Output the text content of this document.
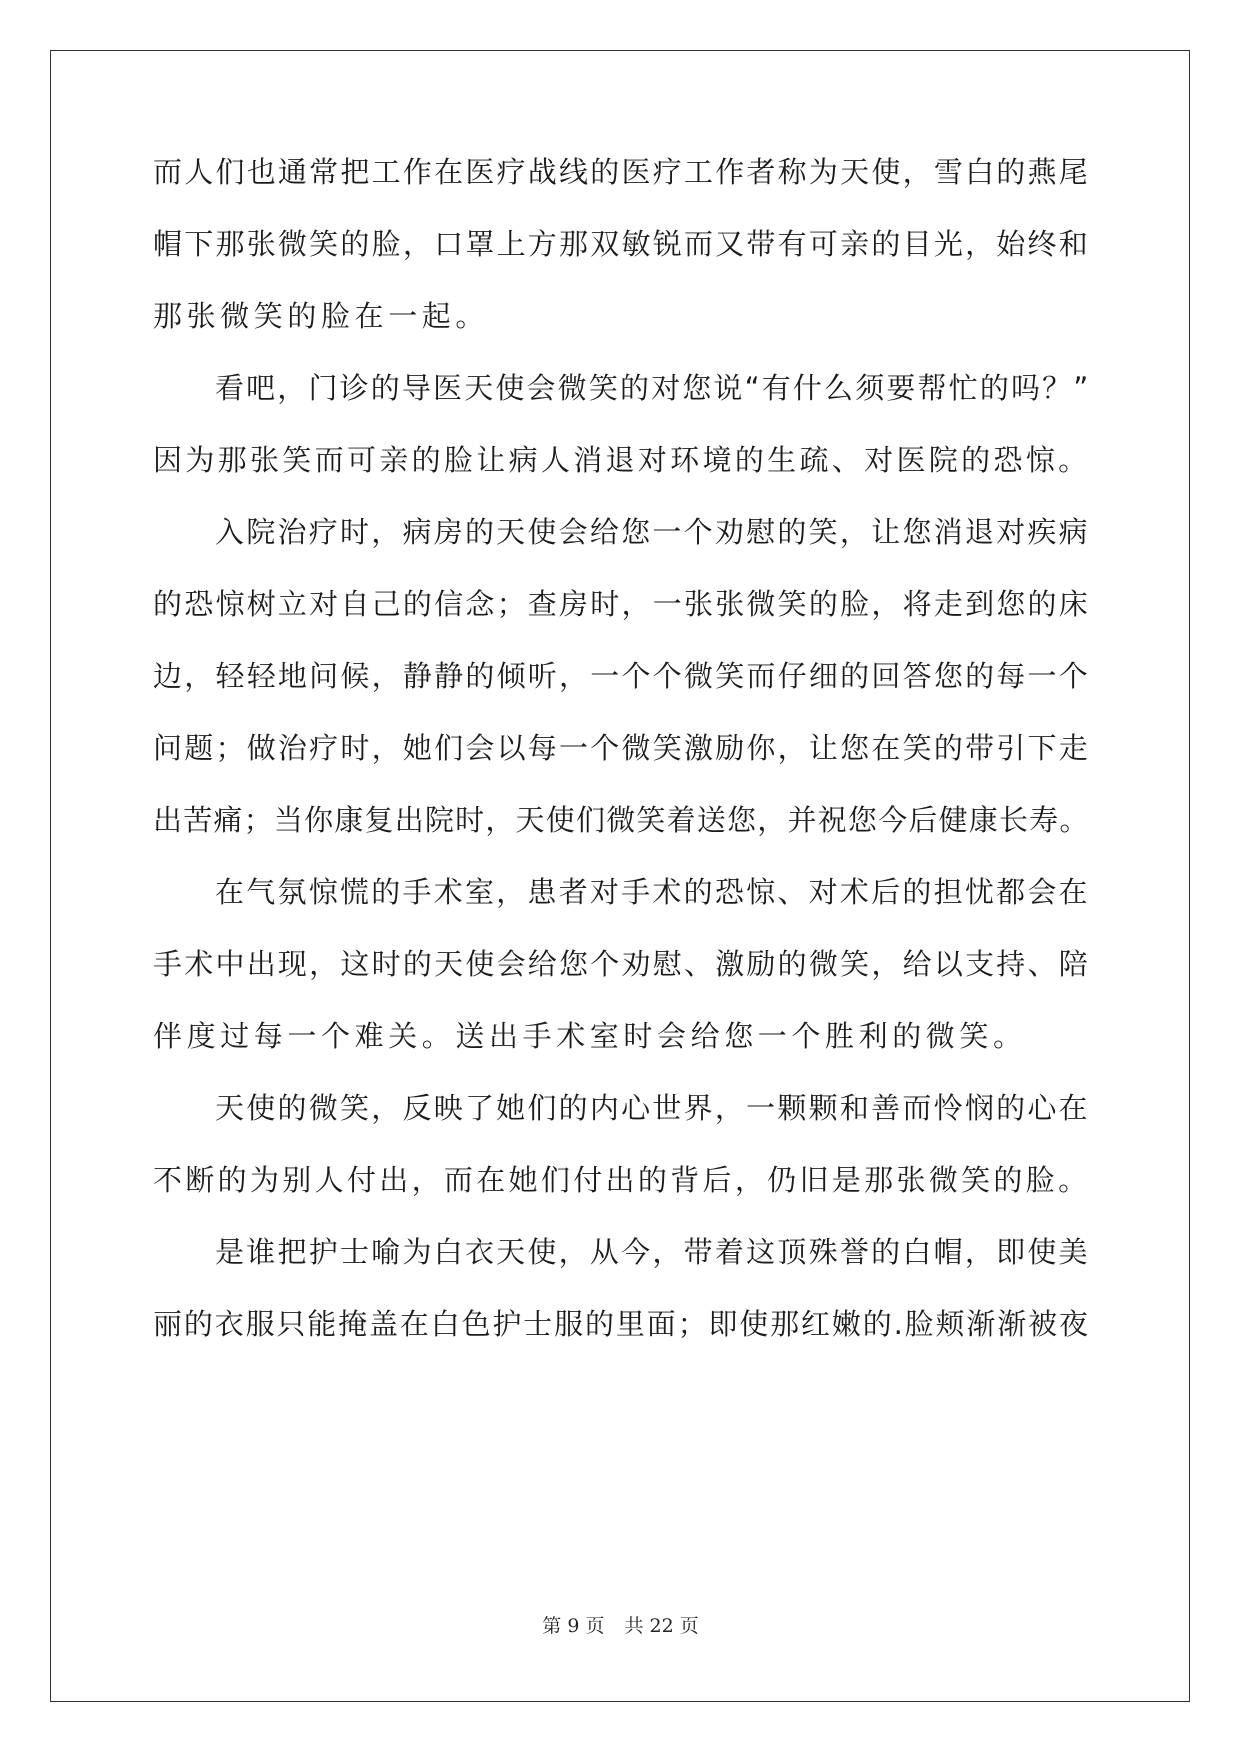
而人们也通常把工作在医疗战线的医疗工作者称为天使，雪白的燕尾
帽下那张微笑的脸，口罩上方那双敏锐而又带有可亲的目光，始终和
那张微笑的脸在一起。
看吧，门诊的导医天使会微笑的对您说“有什么须要帮忙的吗？”
因为那张笑而可亲的脸让病人消退对环境的生疏、对医院的恐惊。
入院治疗时，病房的天使会给您一个劝慰的笑，让您消退对疾病
的恐惊树立对自己的信念；查房时，一张张微笑的脸，将走到您的床
边，轻轻地问候，静静的倾听，一个个微笑而仔细的回答您的每一个
问题；做治疗时，她们会以每一个微笑激励你，让您在笑的带引下走
出苦痛；当你康复出院时，天使们微笑着送您，并祝您今后健康长寿。
在气氛惊慌的手术室，患者对手术的恐惊、对术后的担忧都会在
手术中出现，这时的天使会给您个劝慰、激励的微笑，给以支持、陪
伴度过每一个难关。送出手术室时会给您一个胜利的微笑。
天使的微笑，反映了她们的内心世界，一颗颗和善而怜悯的心在
不断的为别人付出，而在她们付出的背后，仍旧是那张微笑的脸。
是谁把护士喻为白衣天使，从今，带着这顶殊誉的白帽，即使美
丽的衣服只能掩盖在白色护士服的里面；即使那红嫩的.脸颊渐渐被夜
第 9 页 共 22 页
